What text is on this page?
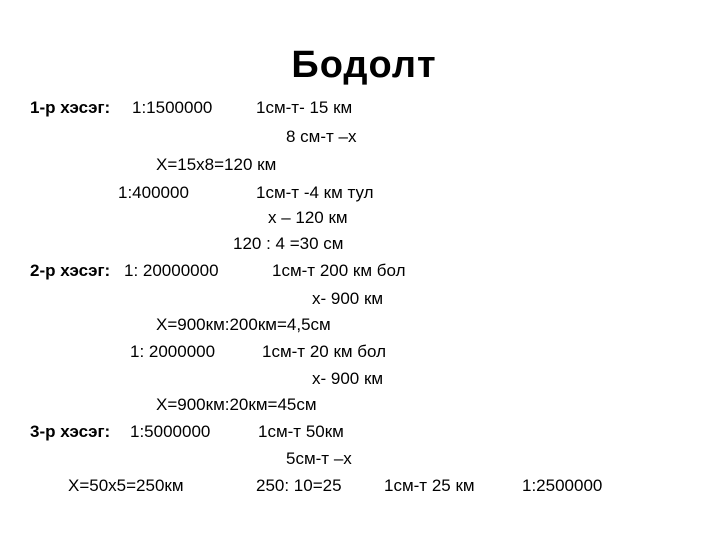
Бодолт
1-р хэсэг: 1:1500000	1см-т- 15 км
8 см-т –х
Х=15х8=120 км
1:400000	1см-т -4 км тул
х – 120 км
120 : 4 =30 см
2-р хэсэг: 1: 20000000	1см-т 200 км бол
х- 900 км
Х=900км:200км=4,5см
1: 2000000	1см-т 20 км бол
х- 900 км
Х=900км:20км=45см
3-р хэсэг: 1:5000000	1см-т 50км
5см-т –х
Х=50х5=250км	250: 10=25 1см-т 25 км	1:2500000
